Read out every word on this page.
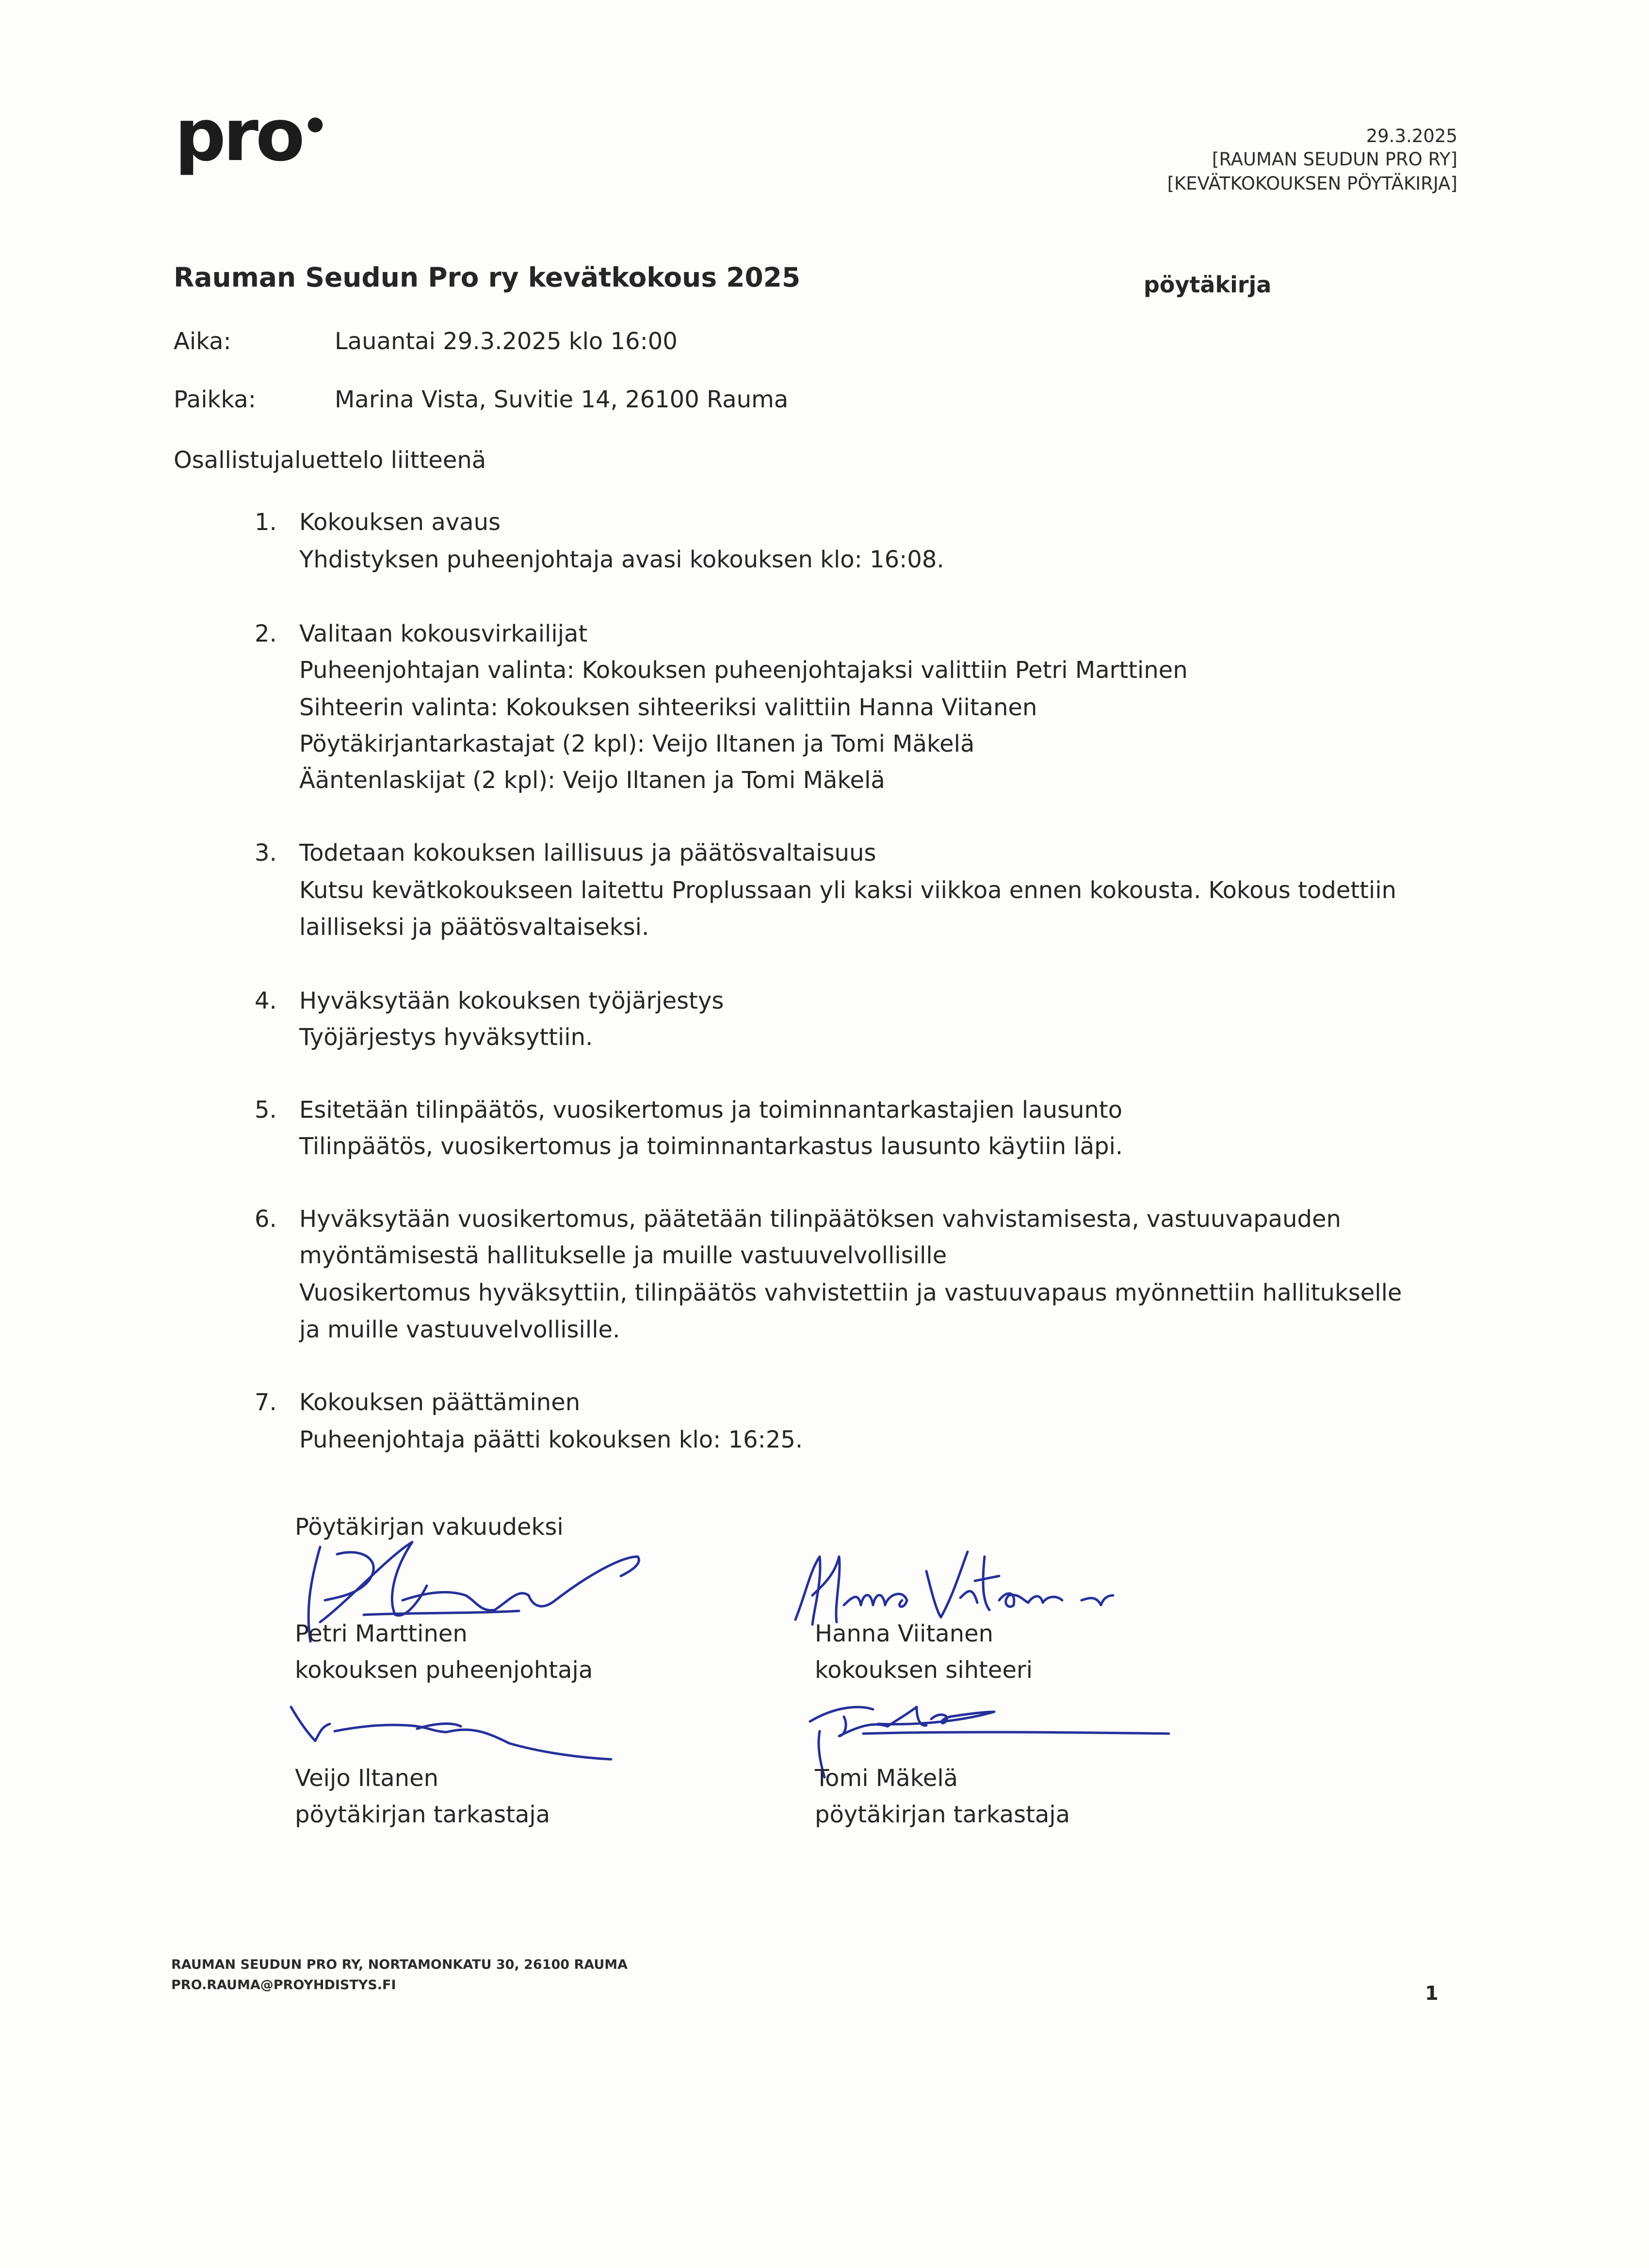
pro ●
29.3.2025
[RAUMAN SEUDUN PRO RY]
[KEVÄTKOKOUKSEN PÖYTÄKIRJA]
Rauman Seudun Pro ry kevätkokous 2025	pöytäkirja
Aika:	Lauantai 29.3.2025 klo 16:00
Paikka:	Marina Vista, Suvitie 14, 26100 Rauma
Osallistujaluettelo liitteenä
1. Kokouksen avaus
Yhdistyksen puheenjohtaja avasi kokouksen klo: 16:08.
2. Valitaan kokousvirkailijat
Puheenjohtajan valinta: Kokouksen puheenjohtajaksi valittiin Petri Marttinen
Sihteerin valinta: Kokouksen sihteeriksi valittiin Hanna Viitanen
Pöytäkirjantarkastajat (2 kpl): Veijo Iltanen ja Tomi Mäkelä
Ääntenlaskijat (2 kpl): Veijo Iltanen ja Tomi Mäkelä
3. Todetaan kokouksen laillisuus ja päätösvaltaisuus
Kutsu kevätkokoukseen laitettu Proplussaan yli kaksi viikkoa ennen kokousta. Kokous todettiin
lailliseksi ja päätösvaltaiseksi.
4. Hyväksytään kokouksen työjärjestys
Työjärjestys hyväksyttiin.
5. Esitetään tilinpäätös, vuosikertomus ja toiminnantarkastajien lausunto
Tilinpäätös, vuosikertomus ja toiminnantarkastus lausunto käytiin läpi.
6. Hyväksytään vuosikertomus, päätetään tilinpäätöksen vahvistamisesta, vastuuvapauden
myöntämisestä hallitukselle ja muille vastuuvelvollisille
Vuosikertomus hyväksyttiin, tilinpäätös vahvistettiin ja vastuuvapaus myönnettiin hallitukselle
ja muille vastuuvelvollisille.
7. Kokouksen päättäminen
Puheenjohtaja päätti kokouksen klo: 16:25.
Pöytäkirjan vakuudeksi
Petri Marttinen
kokouksen puheenjohtaja
Hanna Viitanen
kokouksen sihteeri
Veijo Iltanen
pöytäkirjan tarkastaja
Tomi Mäkelä
pöytäkirjan tarkastaja
RAUMAN SEUDUN PRO RY, NORTAMONKATU 30, 26100 RAUMA
PRO.RAUMA@PROYHDISTYS.FI	1
